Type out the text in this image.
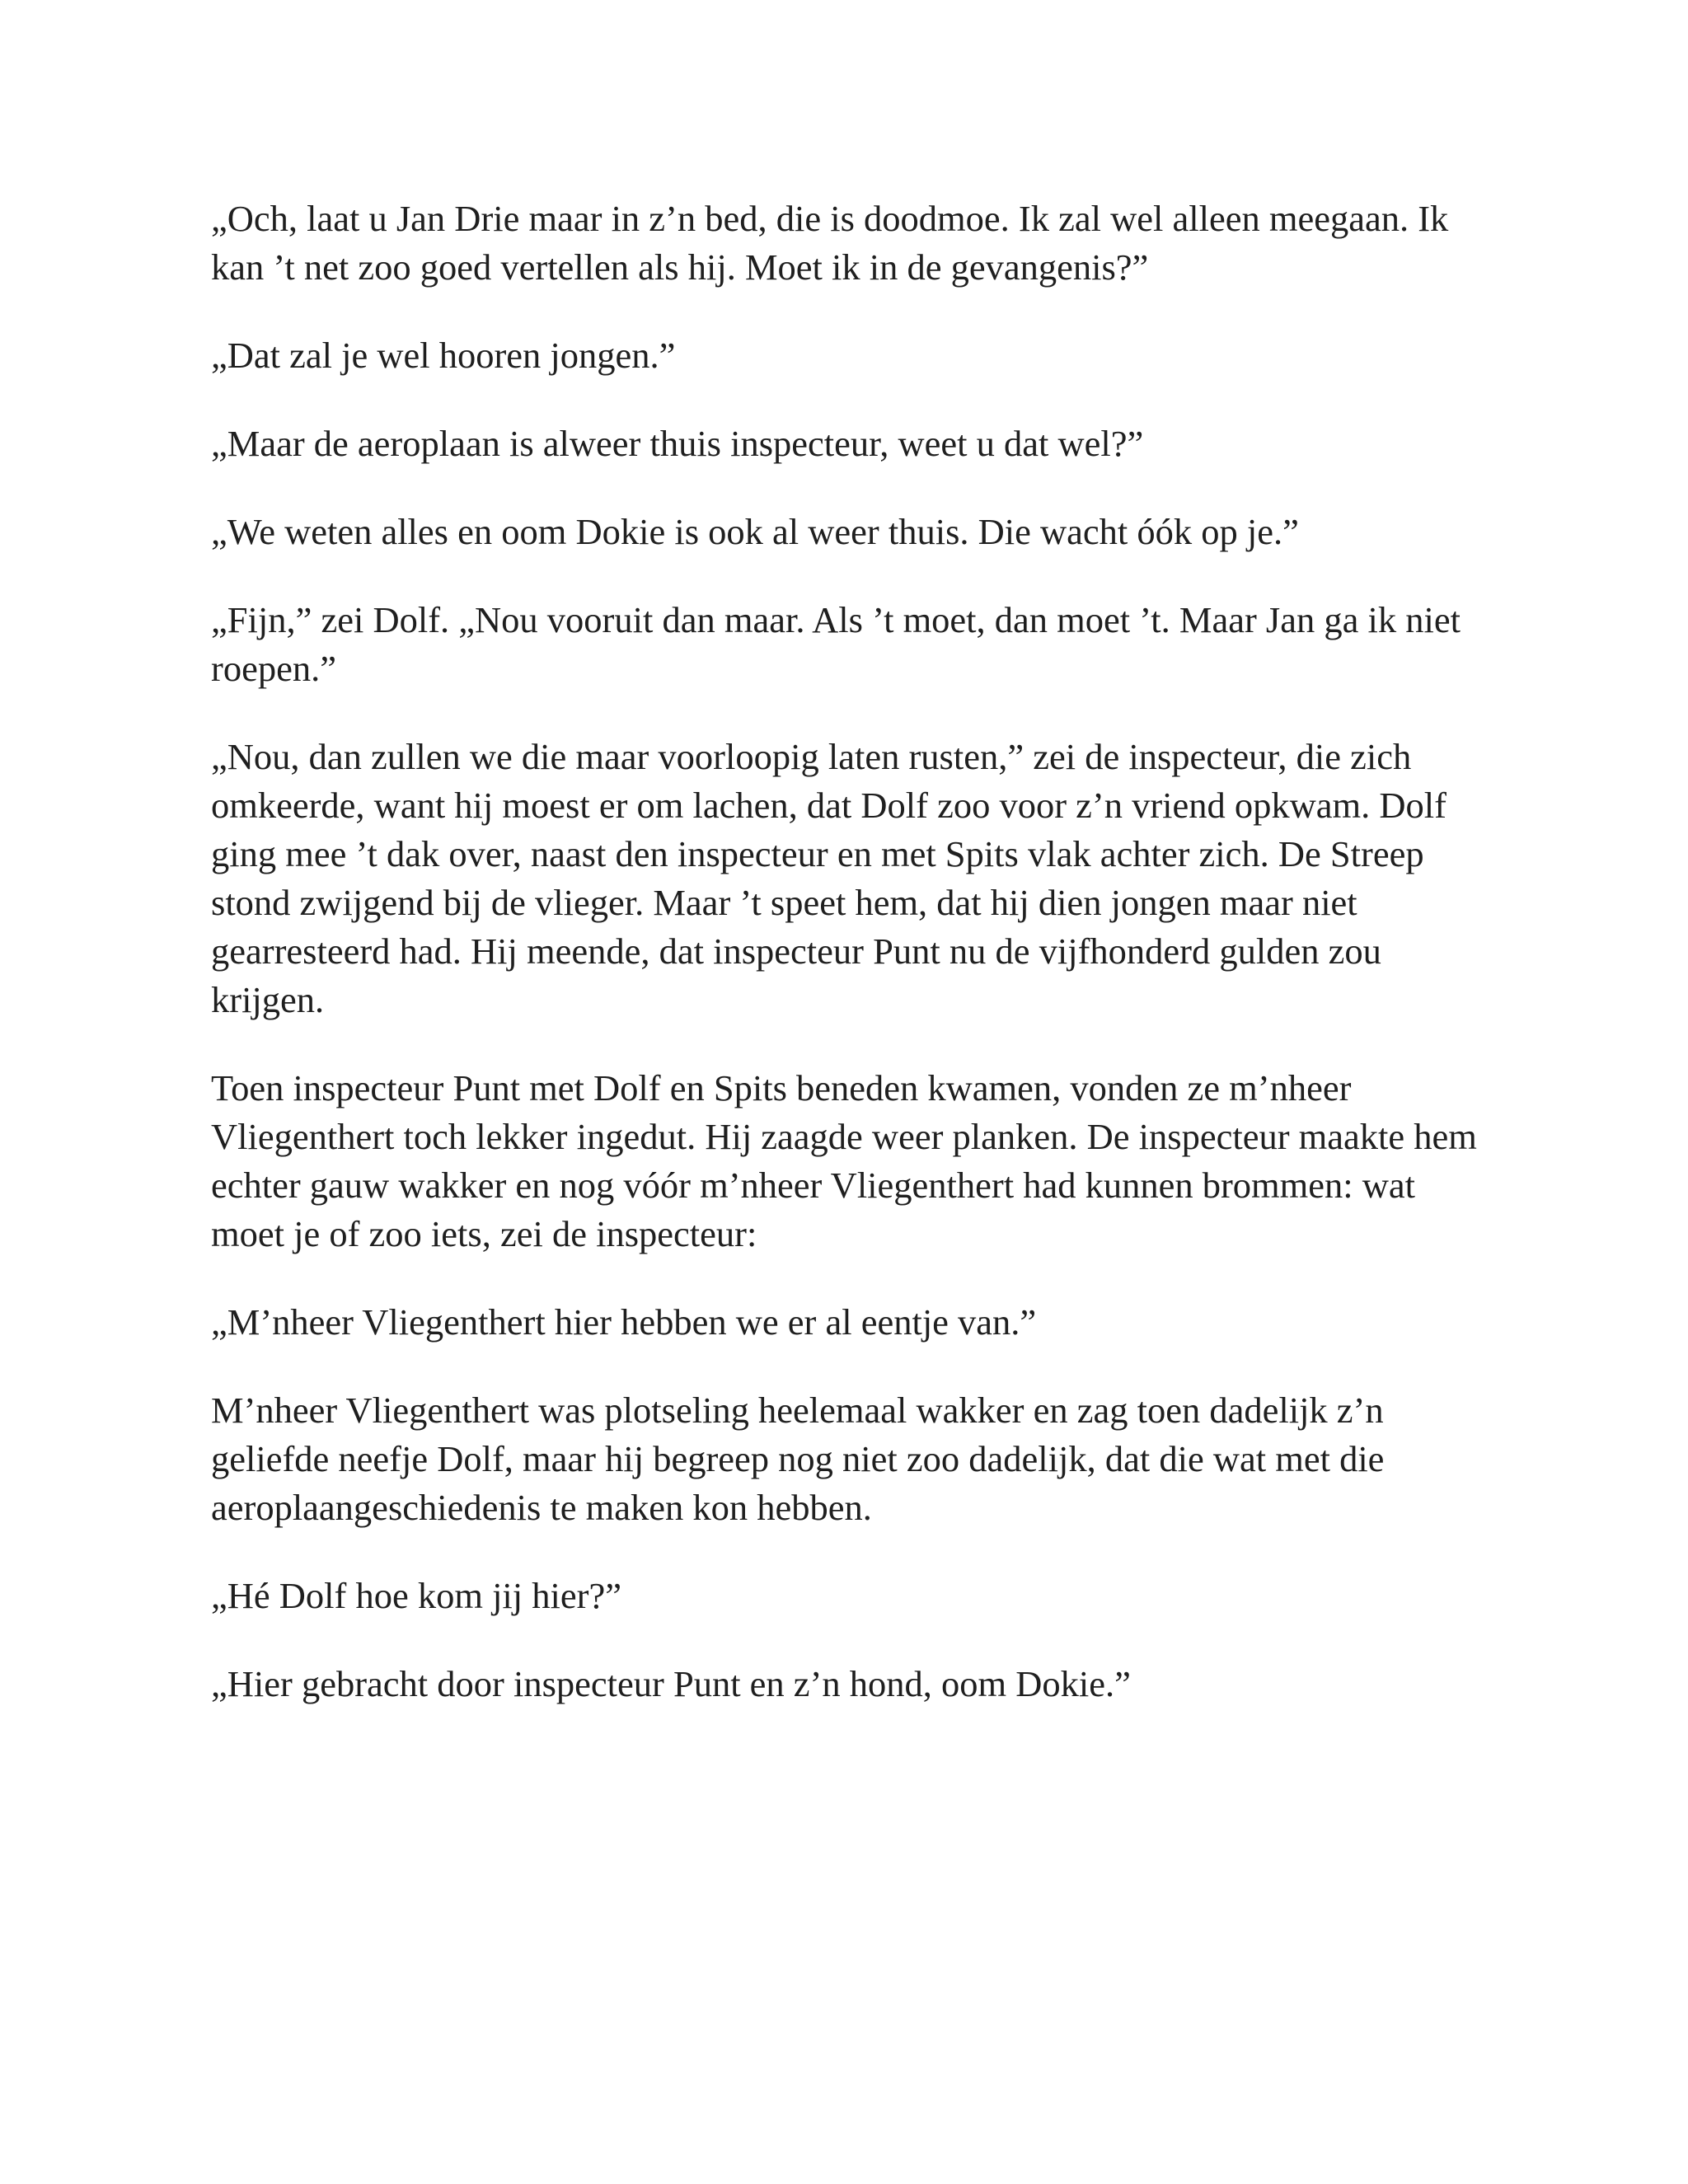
„Och, laat u Jan Drie maar in z’n bed, die is doodmoe. Ik zal wel alleen meegaan. Ik kan ’t net zoo goed vertellen als hij. Moet ik in de gevangenis?”

„Dat zal je wel hooren jongen.”

„Maar de aeroplaan is alweer thuis inspecteur, weet u dat wel?”

„We weten alles en oom Dokie is ook al weer thuis. Die wacht óók op je.”

„Fijn,” zei Dolf. „Nou vooruit dan maar. Als ’t moet, dan moet ’t. Maar Jan ga ik niet roepen.”

„Nou, dan zullen we die maar voorloopig laten rusten,” zei de inspecteur, die zich omkeerde, want hij moest er om lachen, dat Dolf zoo voor z’n vriend opkwam. Dolf ging mee ’t dak over, naast den inspecteur en met Spits vlak achter zich. De Streep stond zwijgend bij de vlieger. Maar ’t speet hem, dat hij dien jongen maar niet gearresteerd had. Hij meende, dat inspecteur Punt nu de vijfhonderd gulden zou krijgen.

Toen inspecteur Punt met Dolf en Spits beneden kwamen, vonden ze m’nheer Vliegenthert toch lekker ingedut. Hij zaagde weer planken. De inspecteur maakte hem echter gauw wakker en nog vóór m’nheer Vliegenthert had kunnen brommen: wat moet je of zoo iets, zei de inspecteur:

„M’nheer Vliegenthert hier hebben we er al eentje van.”

M’nheer Vliegenthert was plotseling heelemaal wakker en zag toen dadelijk z’n geliefde neefje Dolf, maar hij begreep nog niet zoo dadelijk, dat die wat met die aeroplaangeschiedenis te maken kon hebben.

„Hé Dolf hoe kom jij hier?”

„Hier gebracht door inspecteur Punt en z’n hond, oom Dokie.”
